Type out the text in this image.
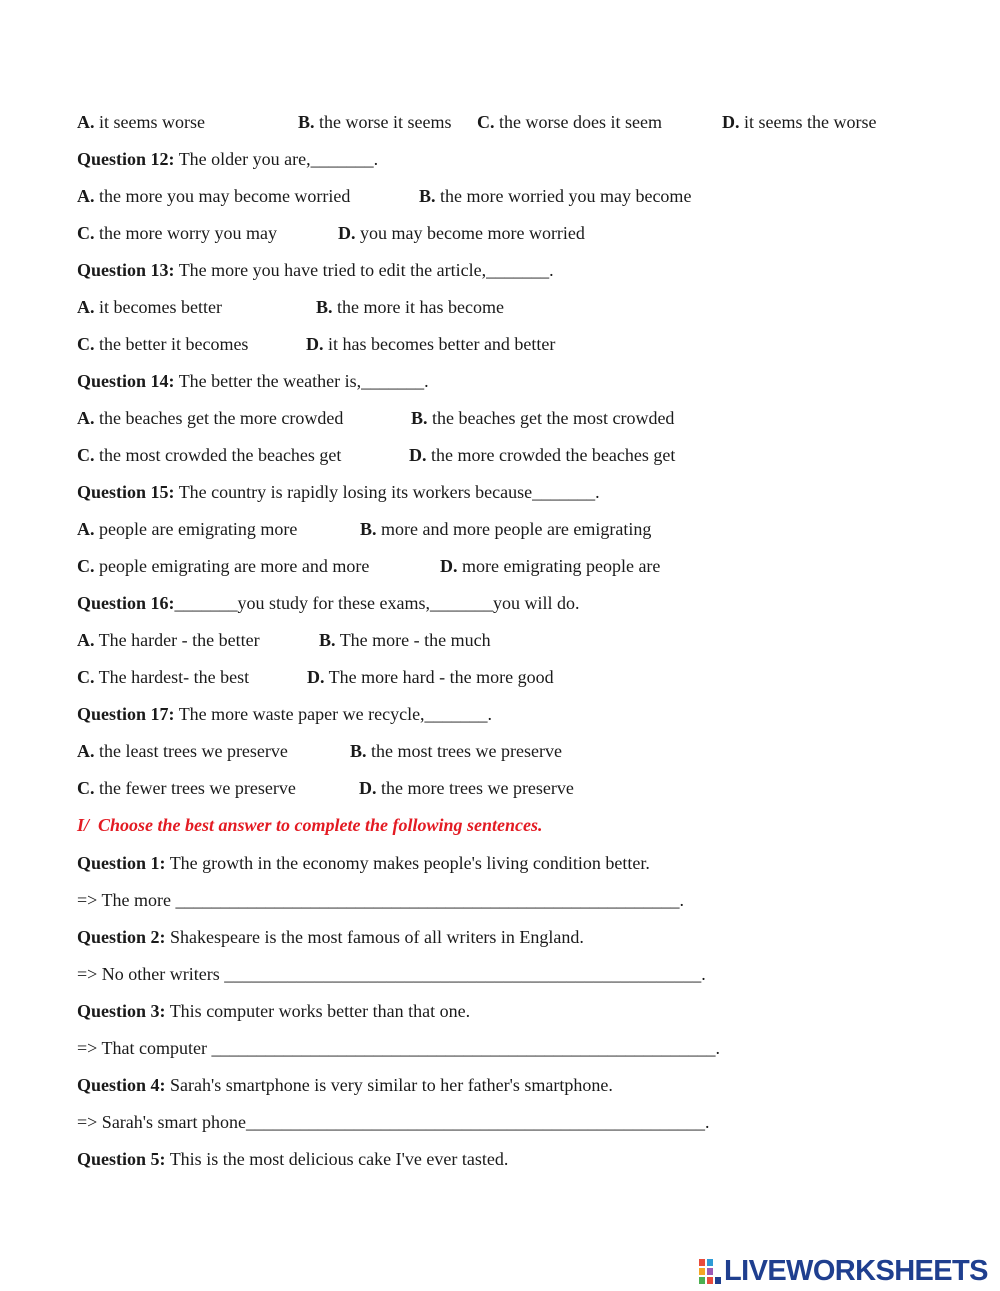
A. it seems worse

	B. the worse it seems

C. the worse does it seem

	D. it seems the worse

Question 12: The older you are,_______.

A. the more you may become worried

	B. the more worried you may become

C. the more worry you may

	D. you may become more worried

Question 13: The more you have tried to edit the article,_______.

A. it becomes better

	B. the more it has become

C. the better it becomes

	D. it has becomes better and better

Question 14: The better the weather is,_______.

A. the beaches get the more crowded

	B. the beaches get the most crowded

C. the most crowded the beaches get

	D. the more crowded the beaches get

Question 15: The country is rapidly losing its workers because_______.

A. people are emigrating more

	B. more and more people are emigrating

C. people emigrating are more and more

	D. more emigrating people are

Question 16:_______you study for these exams,_______you will do.

A. The harder - the better

	B. The more - the much

C. The hardest- the best

	D. The more hard - the more good

Question 17: The more waste paper we recycle,_______.

A. the least trees we preserve

	B. the most trees we preserve

C. the fewer trees we preserve

	D. the more trees we preserve

I/  Choose the best answer to complete the following sentences.
Question 1: The growth in the economy makes people's living condition better.
=> The more ________________________________________________________.
Question 2: Shakespeare is the most famous of all writers in England.
=> No other writers _____________________________________________________.
Question 3: This computer works better than that one.
=> That computer ________________________________________________________.
Question 4: Sarah's smartphone is very similar to her father's smartphone.
=> Sarah's smart phone___________________________________________________.
Question 5: This is the most delicious cake I've ever tasted.
LIVEWORKSHEETS
